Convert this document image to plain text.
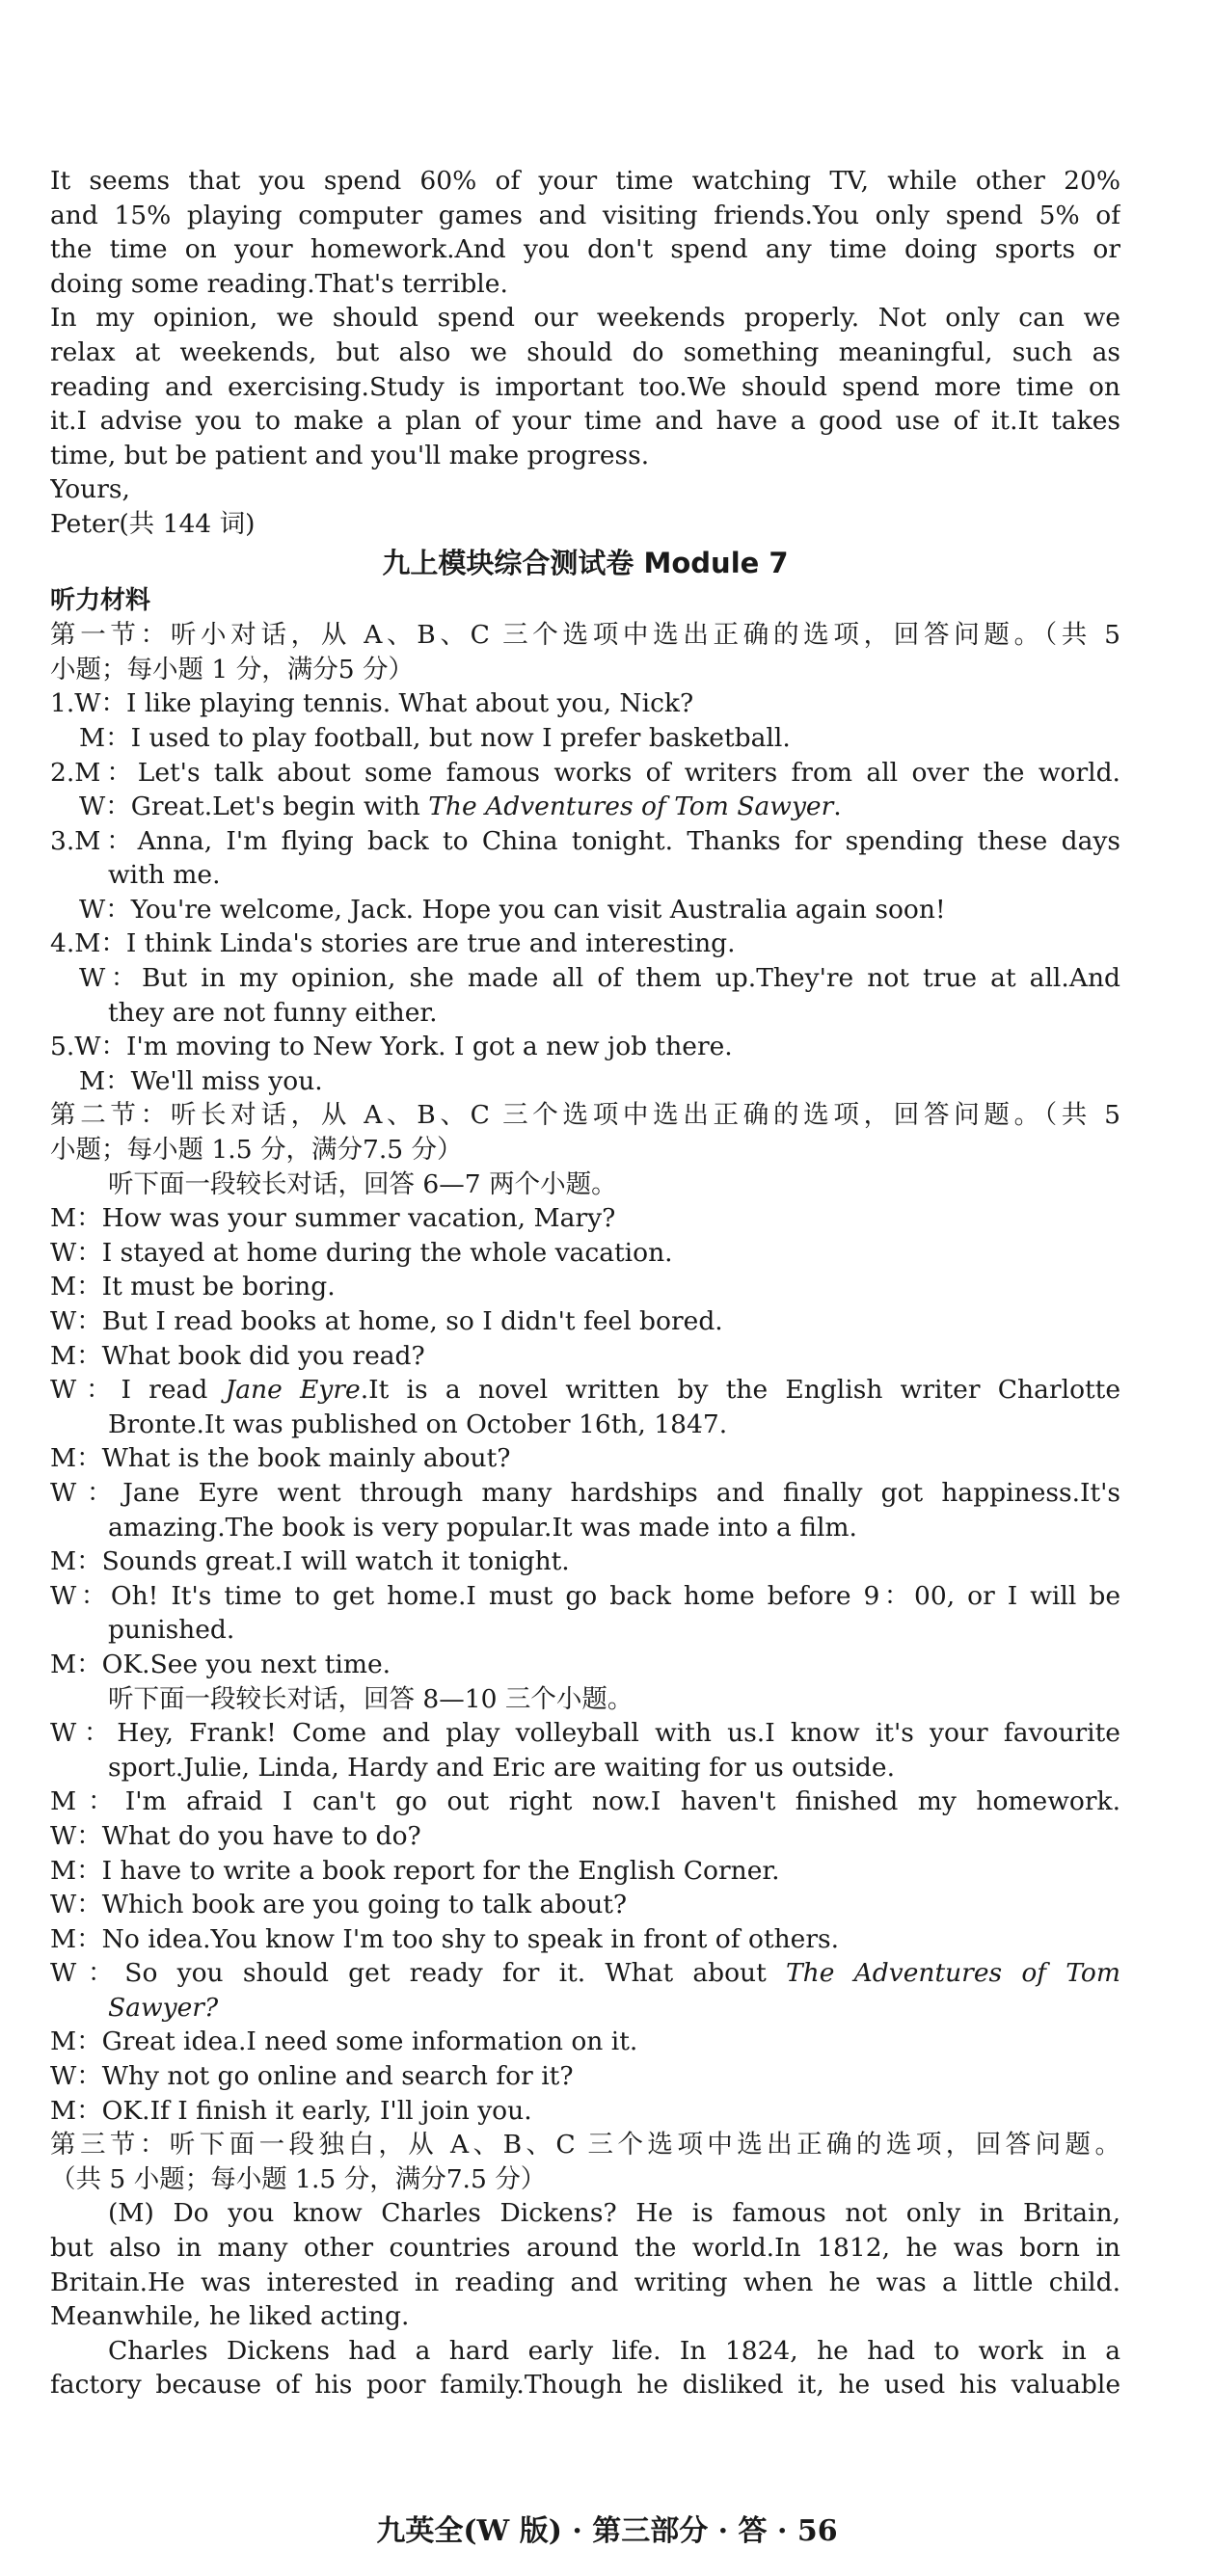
It seems that you spend 60% of your time watching TV, while other 20%
and 15% playing computer games and visiting friends.You only spend 5% of
the time on your homework.And you don't spend any time doing sports or
doing some reading.That's terrible.
In my opinion, we should spend our weekends properly. Not only can we
relax at weekends, but also we should do something meaningful, such as
reading and exercising.Study is important too.We should spend more time on
it.I advise you to make a plan of your time and have a good use of it.It takes
time, but be patient and you'll make progress.
Yours,
Peter(共 144 词)
九上模块综合测试卷 Module 7
听力材料
第一节：听小对话，从 A、B、C 三个选项中选出正确的选项，回答问题。（共 5
小题；每小题 1 分，满分5 分）
1.W：I like playing tennis. What about you, Nick?
M：I used to play football, but now I prefer basketball.
2.M：Let's talk about some famous works of writers from all over the world.
W：Great.Let's begin with The Adventures of Tom Sawyer.
3.M：Anna, I'm flying back to China tonight. Thanks for spending these days
with me.
W：You're welcome, Jack. Hope you can visit Australia again soon!
4.M：I think Linda's stories are true and interesting.
W：But in my opinion, she made all of them up.They're not true at all.And
they are not funny either.
5.W：I'm moving to New York. I got a new job there.
M：We'll miss you.
第二节：听长对话，从 A、B、C 三个选项中选出正确的选项，回答问题。（共 5
小题；每小题 1.5 分，满分7.5 分）
听下面一段较长对话，回答 6—7 两个小题。
M：How was your summer vacation, Mary?
W：I stayed at home during the whole vacation.
M：It must be boring.
W：But I read books at home, so I didn't feel bored.
M：What book did you read?
W：I read Jane Eyre.It is a novel written by the English writer Charlotte
Bronte.It was published on October 16th, 1847.
M：What is the book mainly about?
W：Jane Eyre went through many hardships and finally got happiness.It's
amazing.The book is very popular.It was made into a film.
M：Sounds great.I will watch it tonight.
W：Oh! It's time to get home.I must go back home before 9：00, or I will be
punished.
M：OK.See you next time.
听下面一段较长对话，回答 8—10 三个小题。
W：Hey, Frank! Come and play volleyball with us.I know it's your favourite
sport.Julie, Linda, Hardy and Eric are waiting for us outside.
M：I'm afraid I can't go out right now.I haven't finished my homework.
W：What do you have to do?
M：I have to write a book report for the English Corner.
W：Which book are you going to talk about?
M：No idea.You know I'm too shy to speak in front of others.
W：So you should get ready for it. What about The Adventures of Tom
Sawyer?
M：Great idea.I need some information on it.
W：Why not go online and search for it?
M：OK.If I finish it early, I'll join you.
第三节：听下面一段独白，从 A、B、C 三个选项中选出正确的选项，回答问题。
（共 5 小题；每小题 1.5 分，满分7.5 分）
(M) Do you know Charles Dickens? He is famous not only in Britain,
but also in many other countries around the world.In 1812, he was born in
Britain.He was interested in reading and writing when he was a little child.
Meanwhile, he liked acting.
Charles Dickens had a hard early life. In 1824, he had to work in a
factory because of his poor family.Though he disliked it, he used his valuable
九英全(W 版) · 第三部分 · 答 · 56
